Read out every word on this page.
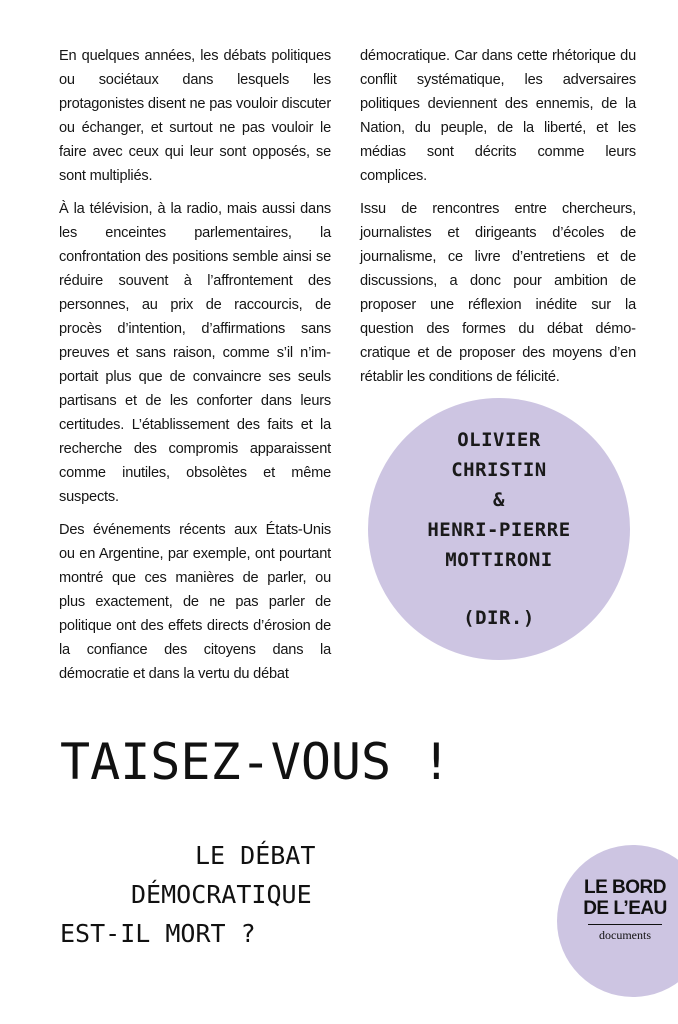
En quelques années, les débats politiques ou sociétaux dans lesquels les protagonistes disent ne pas vouloir discuter ou échanger, et surtout ne pas vouloir le faire avec ceux qui leur sont opposés, se sont multipliés.

À la télévision, à la radio, mais aussi dans les enceintes parlementaires, la confrontation des positions semble ainsi se réduire souvent à l’affrontement des personnes, au prix de raccourcis, de procès d’intention, d’affirmations sans preuves et sans raison, comme s’il n’importait plus que de convaincre ses seuls partisans et de les conforter dans leurs certitudes. L’établissement des faits et la recherche des compromis apparaissent comme inutiles, obsolètes et même suspects.

Des événements récents aux États-Unis ou en Argentine, par exemple, ont pourtant montré que ces manières de parler, ou plus exactement, de ne pas parler de politique ont des effets directs d’érosion de la confiance des citoyens dans la démocratie et dans la vertu du débat

démocratique. Car dans cette rhétorique du conflit systématique, les adversaires politiques deviennent des ennemis, de la Nation, du peuple, de la liberté, et les médias sont décrits comme leurs complices.

Issu de rencontres entre chercheurs, journalistes et dirigeants d’écoles de journalisme, ce livre d’entretiens et de discussions, a donc pour ambition de proposer une réflexion inédite sur la question des formes du débat démocratique et de proposer des moyens d’en rétablir les conditions de félicité.

OLIVIER
CHRISTIN
&
HENRI-PIERRE
MOTTIRONI
(DIR.)
TAISEZ-VOUS !
LE DÉBAT
DÉMOCRATIQUE
EST-IL MORT ?
LE BORD
DE L’EAU
documents
